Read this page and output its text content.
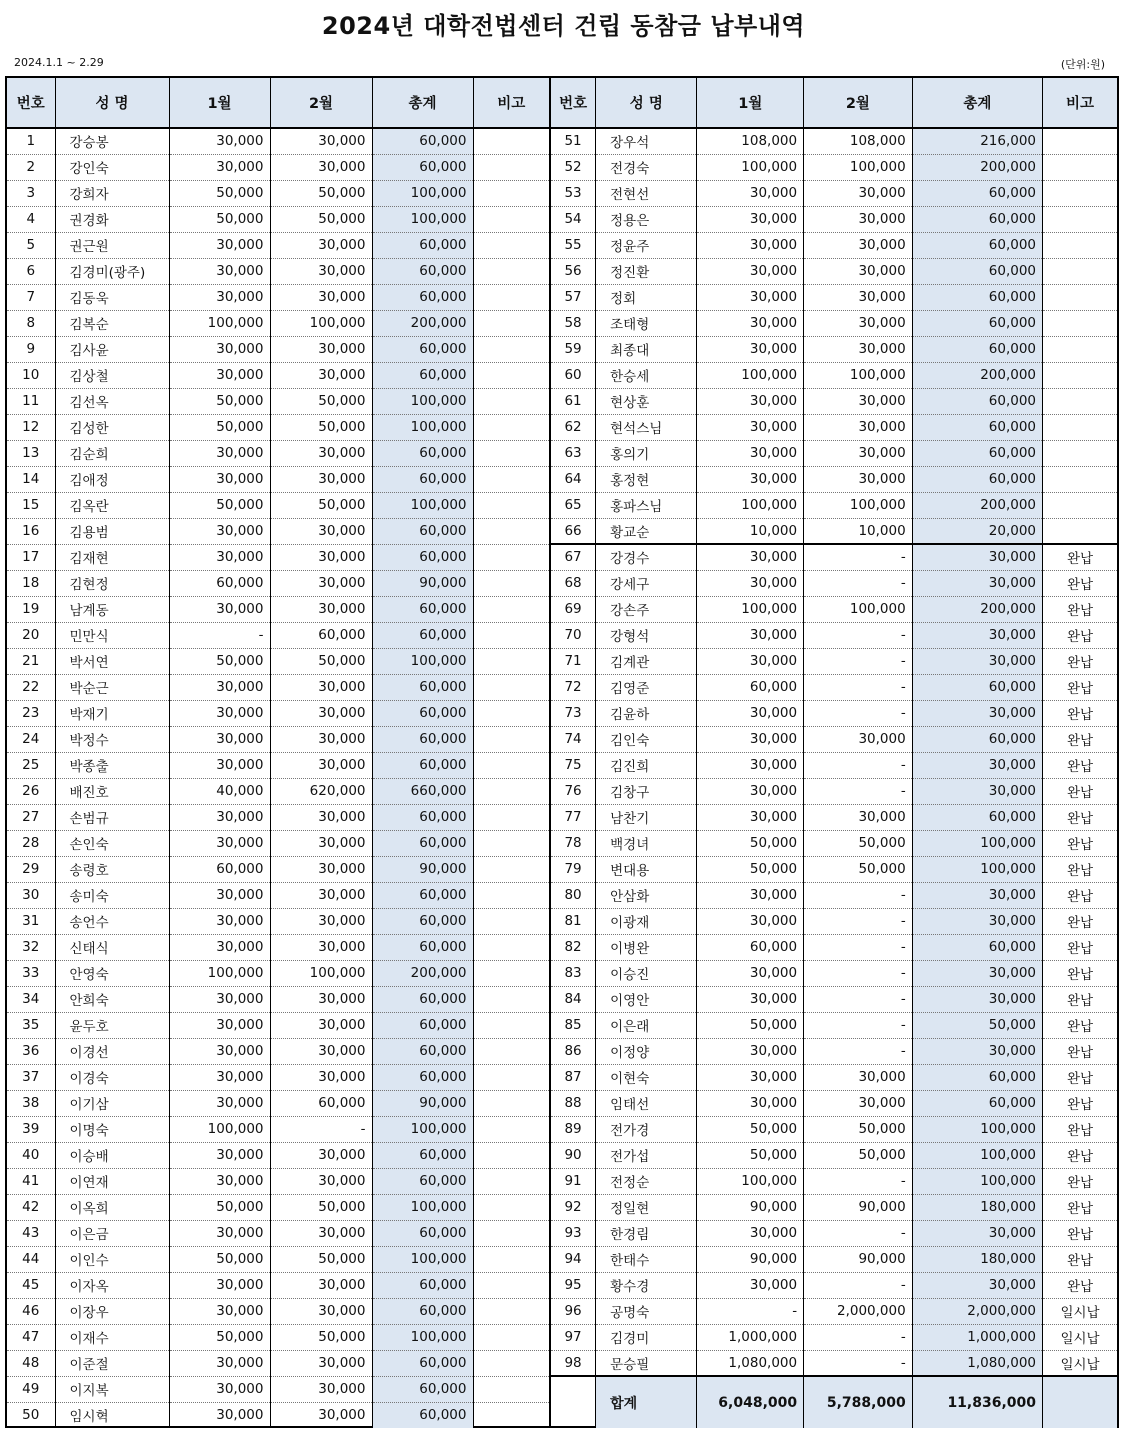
2024년 대학전법센터 건립 동참금 납부내역
2024.1.1 ~ 2.29	(단위:원)
번호	성 명	1월	2월	총계	비고
1	강승봉	30,000	30,000	60,000	
2	강인숙	30,000	30,000	60,000	
3	강희자	50,000	50,000	100,000	
4	권경화	50,000	50,000	100,000	
5	권근원	30,000	30,000	60,000	
6	김경미(광주)	30,000	30,000	60,000	
7	김동욱	30,000	30,000	60,000	
8	김복순	100,000	100,000	200,000	
9	김사윤	30,000	30,000	60,000	
10	김상철	30,000	30,000	60,000	
11	김선옥	50,000	50,000	100,000	
12	김성한	50,000	50,000	100,000	
13	김순희	30,000	30,000	60,000	
14	김애정	30,000	30,000	60,000	
15	김옥란	50,000	50,000	100,000	
16	김용범	30,000	30,000	60,000	
17	김재현	30,000	30,000	60,000	
18	김현정	60,000	30,000	90,000	
19	남계동	30,000	30,000	60,000	
20	민만식	-	60,000	60,000	
21	박서연	50,000	50,000	100,000	
22	박순근	30,000	30,000	60,000	
23	박재기	30,000	30,000	60,000	
24	박정수	30,000	30,000	60,000	
25	박종출	30,000	30,000	60,000	
26	배진호	40,000	620,000	660,000	
27	손범규	30,000	30,000	60,000	
28	손인숙	30,000	30,000	60,000	
29	송령호	60,000	30,000	90,000	
30	송미숙	30,000	30,000	60,000	
31	송언수	30,000	30,000	60,000	
32	신태식	30,000	30,000	60,000	
33	안영숙	100,000	100,000	200,000	
34	안희숙	30,000	30,000	60,000	
35	윤두호	30,000	30,000	60,000	
36	이경선	30,000	30,000	60,000	
37	이경숙	30,000	30,000	60,000	
38	이기삼	30,000	60,000	90,000	
39	이명숙	100,000	-	100,000	
40	이승배	30,000	30,000	60,000	
41	이연재	30,000	30,000	60,000	
42	이옥희	50,000	50,000	100,000	
43	이은금	30,000	30,000	60,000	
44	이인수	50,000	50,000	100,000	
45	이자옥	30,000	30,000	60,000	
46	이장우	30,000	30,000	60,000	
47	이재수	50,000	50,000	100,000	
48	이준절	30,000	30,000	60,000	
49	이지복	30,000	30,000	60,000	
50	임시혁	30,000	30,000	60,000	
번호	성 명	1월	2월	총계	비고
51	장우석	108,000	108,000	216,000	
52	전경숙	100,000	100,000	200,000	
53	전현선	30,000	30,000	60,000	
54	정용은	30,000	30,000	60,000	
55	정윤주	30,000	30,000	60,000	
56	정진환	30,000	30,000	60,000	
57	정회	30,000	30,000	60,000	
58	조태형	30,000	30,000	60,000	
59	최종대	30,000	30,000	60,000	
60	한승세	100,000	100,000	200,000	
61	현상훈	30,000	30,000	60,000	
62	현석스님	30,000	30,000	60,000	
63	홍의기	30,000	30,000	60,000	
64	홍정현	30,000	30,000	60,000	
65	홍파스님	100,000	100,000	200,000	
66	황교순	10,000	10,000	20,000	
67	강경수	30,000	-	30,000	완납
68	강세구	30,000	-	30,000	완납
69	강손주	100,000	100,000	200,000	완납
70	강형석	30,000	-	30,000	완납
71	김계관	30,000	-	30,000	완납
72	김영준	60,000	-	60,000	완납
73	김윤하	30,000	-	30,000	완납
74	김인숙	30,000	30,000	60,000	완납
75	김진희	30,000	-	30,000	완납
76	김창구	30,000	-	30,000	완납
77	남찬기	30,000	30,000	60,000	완납
78	백경녀	50,000	50,000	100,000	완납
79	변대용	50,000	50,000	100,000	완납
80	안삼화	30,000	-	30,000	완납
81	이광재	30,000	-	30,000	완납
82	이병완	60,000	-	60,000	완납
83	이승진	30,000	-	30,000	완납
84	이영안	30,000	-	30,000	완납
85	이은래	50,000	-	50,000	완납
86	이정양	30,000	-	30,000	완납
87	이현숙	30,000	30,000	60,000	완납
88	임태선	30,000	30,000	60,000	완납
89	전가경	50,000	50,000	100,000	완납
90	전가섭	50,000	50,000	100,000	완납
91	전정순	100,000	-	100,000	완납
92	정일현	90,000	90,000	180,000	완납
93	한경림	30,000	-	30,000	완납
94	한태수	90,000	90,000	180,000	완납
95	황수경	30,000	-	30,000	완납
96	공명숙	-	2,000,000	2,000,000	일시납
97	김경미	1,000,000	-	1,000,000	일시납
98	문승필	1,080,000	-	1,080,000	일시납
	합계	6,048,000	5,788,000	11,836,000	
